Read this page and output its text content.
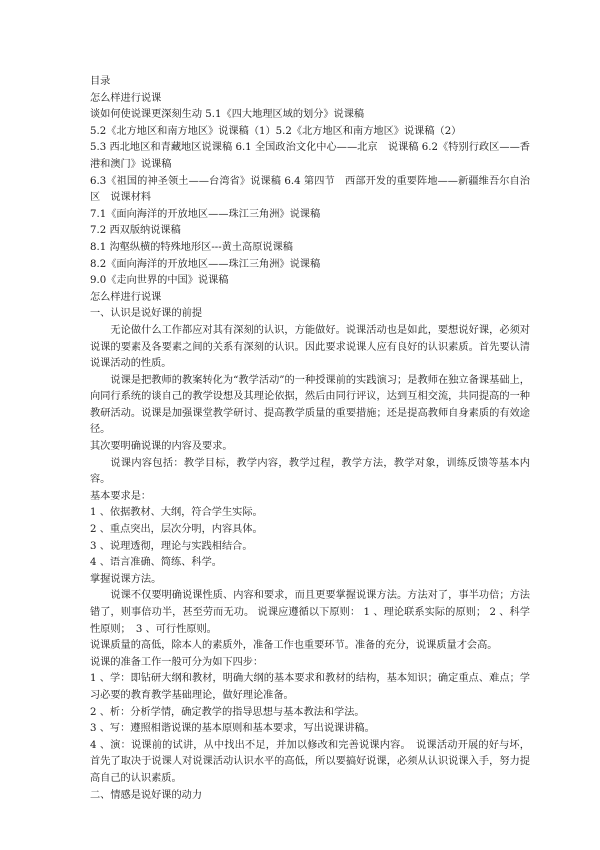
目录

怎么样进行说课

谈如何使说课更深刻生动 5.1《四大地理区域的划分》说课稿

5.2《北方地区和南方地区》说课稿（1）5.2《北方地区和南方地区》说课稿（2）

5.3 西北地区和青藏地区说课稿 6.1 全国政治文化中心——北京　说课稿 6.2《特别行政区——香港和澳门》说课稿

6.3《祖国的神圣领土——台湾省》说课稿 6.4 第四节　西部开发的重要阵地——新疆维吾尔自治区　说课材料

7.1《面向海洋的开放地区——珠江三角洲》说课稿

7.2 西双版纳说课稿

8.1 沟壑纵横的特殊地形区---黄土高原说课稿

8.2《面向海洋的开放地区——珠江三角洲》说课稿

9.0《走向世界的中国》说课稿

怎么样进行说课

一、认识是说好课的前提

无论做什么工作都应对其有深刻的认识，方能做好。说课活动也是如此，要想说好课，必须对说课的要素及各要素之间的关系有深刻的认识。因此要求说课人应有良好的认识素质。首先要认清说课活动的性质。

说课是把教师的教案转化为“教学活动”的一种授课前的实践演习；是教师在独立备课基础上，向同行系统的谈自己的教学设想及其理论依据，然后由同行评议，达到互相交流，共同提高的一种教研活动。说课是加强课堂教学研讨、提高教学质量的重要措施；还是提高教师自身素质的有效途径。

其次要明确说课的内容及要求。

说课内容包括：教学目标，教学内容，教学过程，教学方法，教学对象，训练反馈等基本内容。

基本要求是：

1 、依据教材、大纲，符合学生实际。

2 、重点突出，层次分明，内容具体。

3 、说理透彻，理论与实践相结合。

4 、语言准确、简练、科学。

掌握说课方法。

说课不仅要明确说课性质、内容和要求，而且更要掌握说课方法。方法对了，事半功倍；方法错了，则事倍功半，甚至劳而无功。 说课应遵循以下原则： 1 、理论联系实际的原则； 2 、科学性原则；　3 、可行性原则。

说课质量的高低，除本人的素质外，准备工作也重要环节。准备的充分，说课质量才会高。

说课的准备工作一般可分为如下四步：

1 、学：即钻研大纲和教材，明确大纲的基本要求和教材的结构，基本知识；确定重点、难点；学习必要的教育教学基础理论，做好理论准备。

2 、析：分析学情，确定教学的指导思想与基本教法和学法。

3 、写：遵照相谐说课的基本原则和基本要求，写出说课讲稿。

4 、演：说课前的试讲，从中找出不足，并加以修改和完善说课内容。　说课活动开展的好与坏，首先了取决于说课人对说课活动认识水平的高低，所以要搞好说课，必须从认识说课入手，努力提高自己的认识素质。

二、情感是说好课的动力
